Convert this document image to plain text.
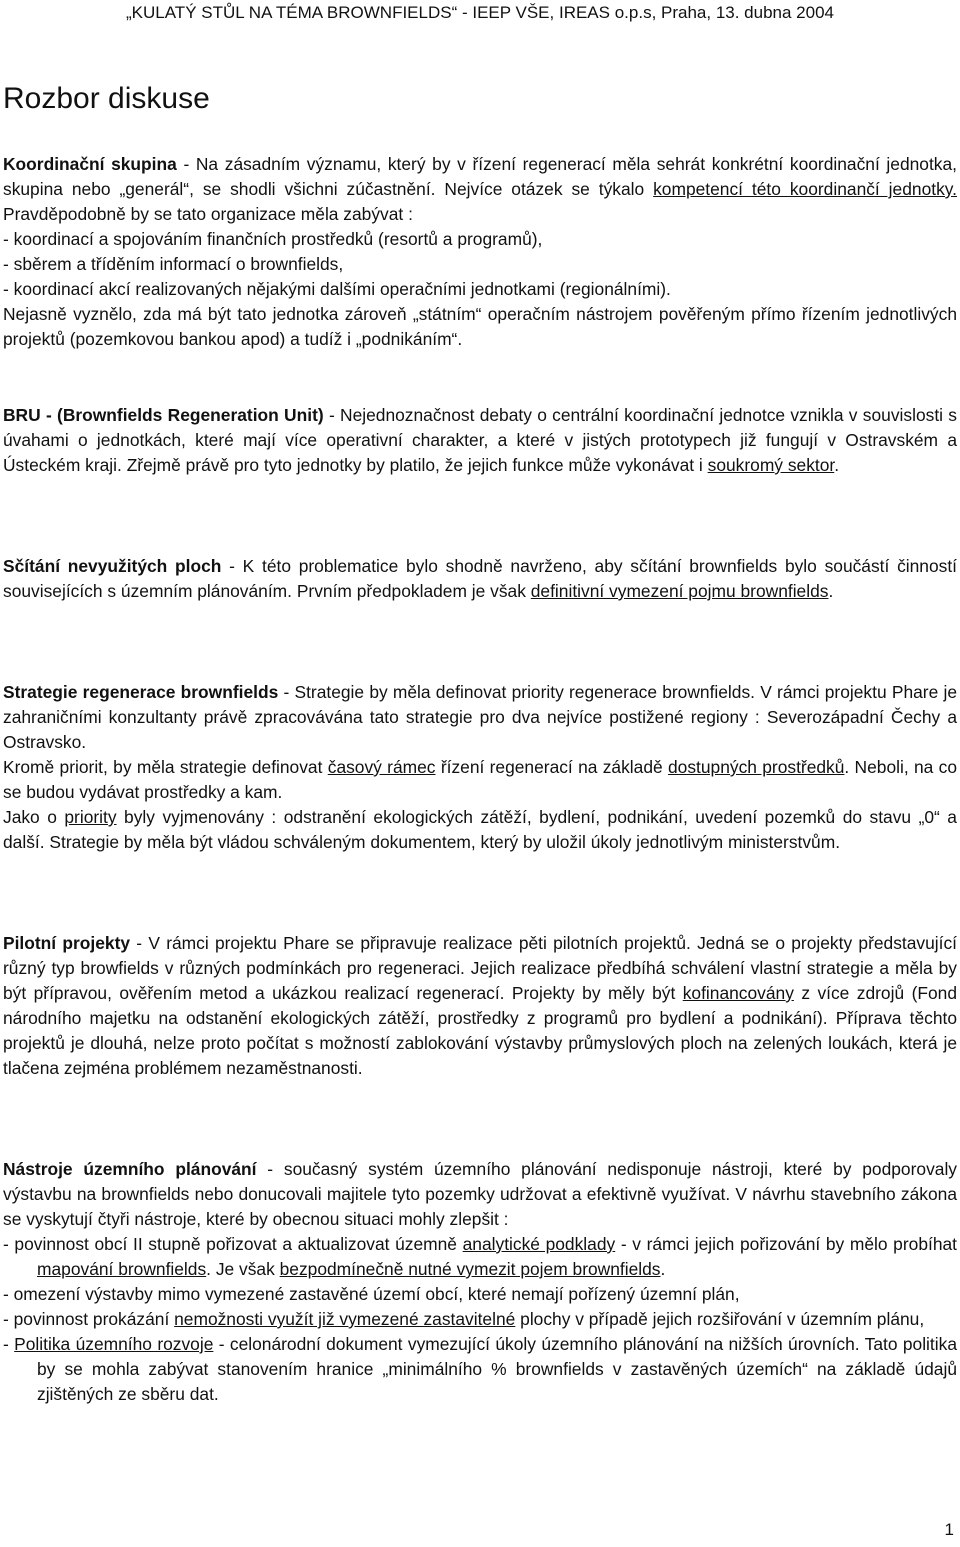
„KULATÝ STŮL NA TÉMA BROWNFIELDS“ - IEEP VŠE, IREAS o.p.s, Praha, 13. dubna 2004
Rozbor diskuse

Koordinační skupina - Na zásadním významu, který by v řízení regenerací měla sehrát konkrétní koordinační jednotka, skupina nebo „generál“, se shodli všichni zúčastnění. Nejvíce otázek se týkalo kompetencí této koordinančí jednotky. Pravděpodobně by se tato organizace měla zabývat :
- koordinací a spojováním finančních prostředků (resortů a programů),
- sběrem a tříděním informací o brownfields,
- koordinací akcí realizovaných nějakými dalšími operačními jednotkami (regionálními).
Nejasně vyznělo, zda má být tato jednotka zároveň „státním“ operačním nástrojem pověřeným přímo řízením jednotlivých projektů (pozemkovou bankou apod) a tudíž i „podnikáním“.

BRU - (Brownfields Regeneration Unit) - Nejednoznačnost debaty o centrální koordinační jednotce vznikla v souvislosti s úvahami o jednotkách, které mají více operativní charakter, a které v jistých prototypech již fungují v Ostravském a Ústeckém kraji. Zřejmě právě pro tyto jednotky by platilo, že jejich funkce může vykonávat i soukromý sektor.

Sčítání nevyužitých ploch - K této problematice bylo shodně navrženo, aby sčítání brownfields bylo součástí činností souvisejících s územním plánováním. Prvním předpokladem je však definitivní vymezení pojmu brownfields.

Strategie regenerace brownfields - Strategie by měla definovat priority regenerace brownfields. V rámci projektu Phare je zahraničními konzultanty právě zpracovávána tato strategie pro dva nejvíce postižené regiony : Severozápadní Čechy a Ostravsko.
Kromě priorit, by měla strategie definovat časový rámec řízení regenerací na základě dostupných prostředků. Neboli, na co se budou vydávat prostředky a kam.
Jako o priority byly vyjmenovány : odstranění ekologických zátěží, bydlení, podnikání, uvedení pozemků do stavu „0“ a další. Strategie by měla být vládou schváleným dokumentem, který by uložil úkoly jednotlivým ministerstvům.

Pilotní projekty - V rámci projektu Phare se připravuje realizace pěti pilotních projektů. Jedná se o projekty představující různý typ browfields v různých podmínkách pro regeneraci. Jejich realizace předbíhá schválení vlastní strategie a měla by být přípravou, ověřením metod a ukázkou realizací regenerací. Projekty by měly být kofinancovány z více zdrojů (Fond národního majetku na odstanění ekologických zátěží, prostředky z programů pro bydlení a podnikání). Příprava těchto projektů je dlouhá, nelze proto počítat s možností zablokování výstavby průmyslových ploch na zelených loukách, která je tlačena zejména problémem nezaměstnanosti.

Nástroje územního plánování - současný systém územního plánování nedisponuje nástroji, které by podporovaly výstavbu na brownfields nebo donucovali majitele tyto pozemky udržovat a efektivně využívat. V návrhu stavebního zákona se vyskytují čtyři nástroje, které by obecnou situaci mohly zlepšit :
- povinnost obcí II stupně pořizovat a aktualizovat územně analytické podklady - v rámci jejich pořizování by mělo probíhat mapování brownfields. Je však bezpodmínečně nutné vymezit pojem brownfields.
- omezení výstavby mimo vymezené zastavěné území obcí, které nemají pořízený územní plán,
- povinnost prokázání nemožnosti využít již vymezené zastavitelné plochy v případě jejich rozšiřování v územním plánu,
- Politika územního rozvoje - celonárodní dokument vymezující úkoly územního plánování na nižších úrovních. Tato politika by se mohla zabývat stanovením hranice „minimálního % brownfields v zastavěných územích“ na základě údajů zjištěných ze sběru dat.

1
